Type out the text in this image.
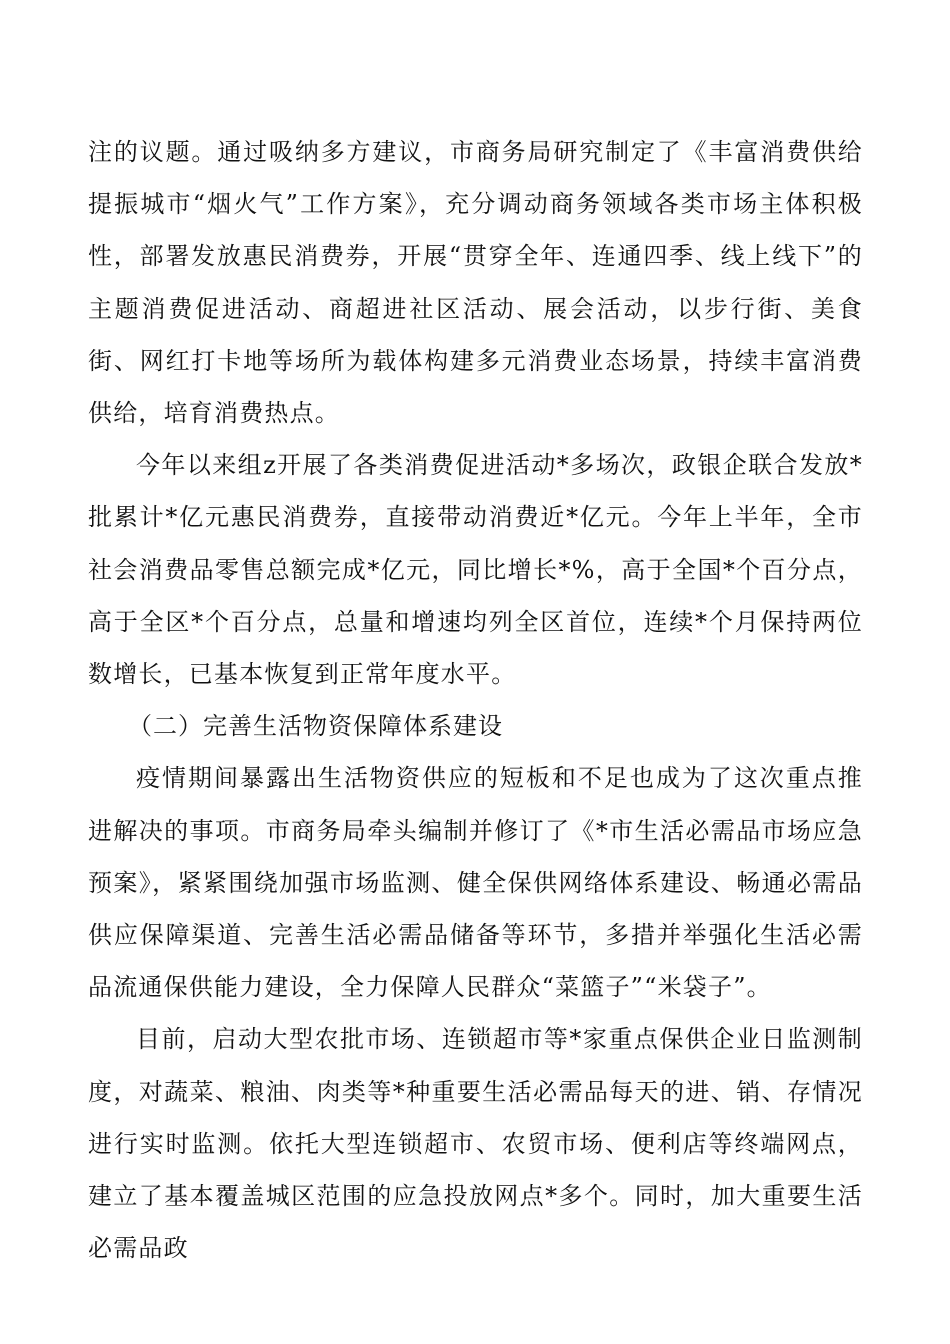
注的议题。通过吸纳多方建议，市商务局研究制定了《丰富消费供给提振城市“烟火气”工作方案》，充分调动商务领域各类市场主体积极性，部署发放惠民消费券，开展“贯穿全年、连通四季、线上线下”的主题消费促进活动、商超进社区活动、展会活动，以步行街、美食街、网红打卡地等场所为载体构建多元消费业态场景，持续丰富消费供给，培育消费热点。

今年以来组z开展了各类消费促进活动*多场次，政银企联合发放*批累计*亿元惠民消费券，直接带动消费近*亿元。今年上半年，全市社会消费品零售总额完成*亿元，同比增长*%，高于全国*个百分点，高于全区*个百分点，总量和增速均列全区首位，连续*个月保持两位数增长，已基本恢复到正常年度水平。

（二）完善生活物资保障体系建设

疫情期间暴露出生活物资供应的短板和不足也成为了这次重点推进解决的事项。市商务局牵头编制并修订了《*市生活必需品市场应急预案》，紧紧围绕加强市场监测、健全保供网络体系建设、畅通必需品供应保障渠道、完善生活必需品储备等环节，多措并举强化生活必需品流通保供能力建设，全力保障人民群众“菜篮子”“米袋子”。

目前，启动大型农批市场、连锁超市等*家重点保供企业日监测制度，对蔬菜、粮油、肉类等*种重要生活必需品每天的进、销、存情况进行实时监测。依托大型连锁超市、农贸市场、便利店等终端网点，建立了基本覆盖城区范围的应急投放网点*多个。同时，加大重要生活必需品政
